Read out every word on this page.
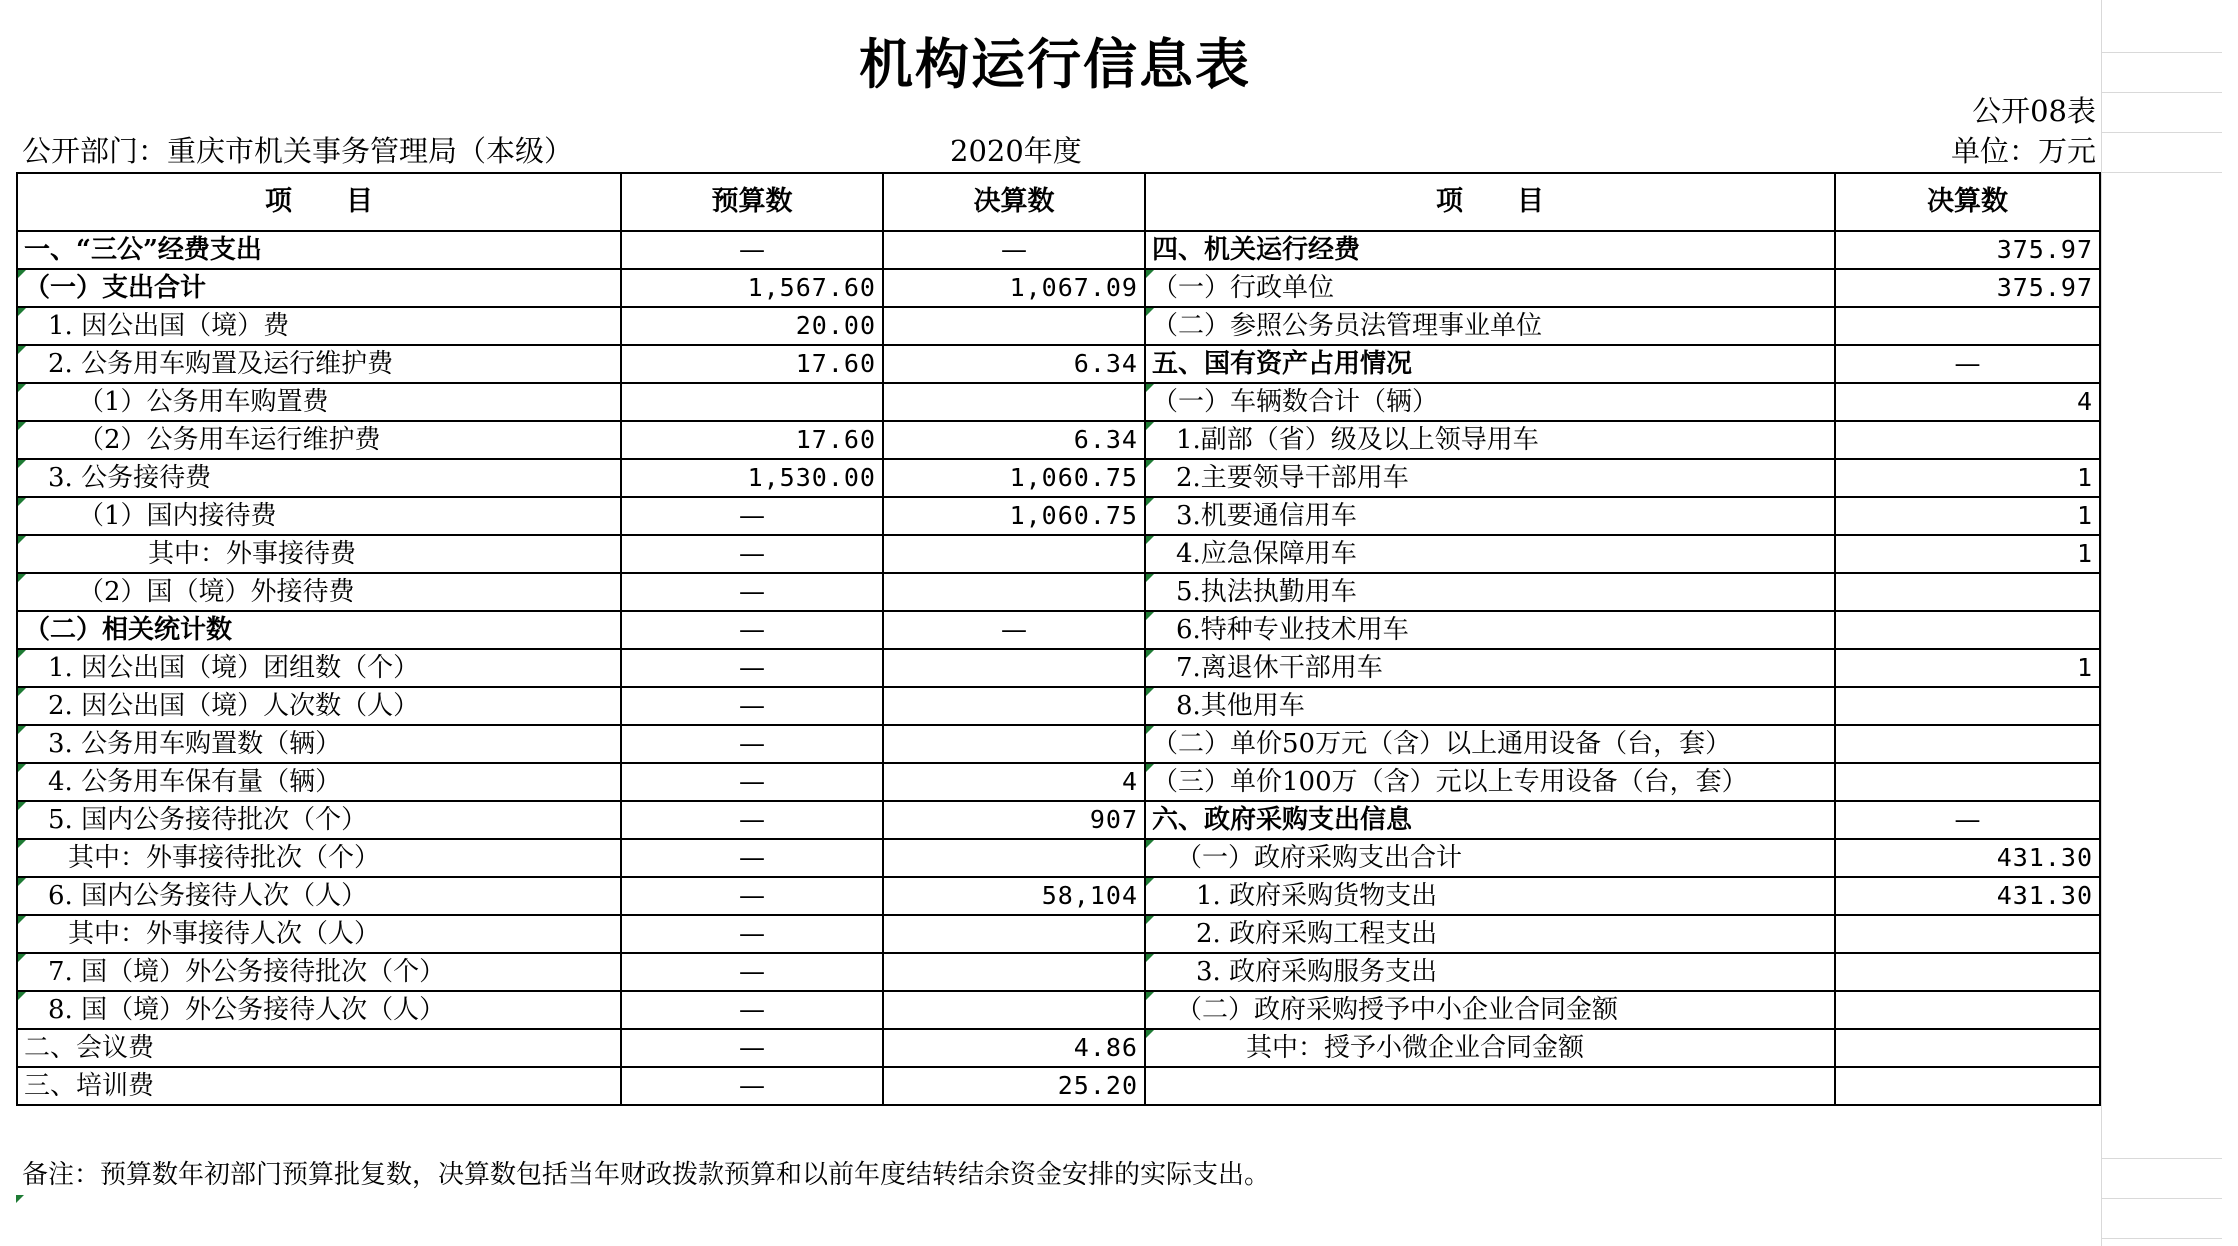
机构运行信息表
公开08表
公开部门：重庆市机关事务管理局（本级）	2020年度	单位：万元
项　　目	预算数	决算数	项　　目	决算数
一、“三公”经费支出	—	—	四、机关运行经费	375.97
（一）支出合计	1,567.60	1,067.09	（一）行政单位	375.97
1. 因公出国（境）费	20.00		（二）参照公务员法管理事业单位	
2. 公务用车购置及运行维护费	17.60	6.34	五、国有资产占用情况	—
（1）公务用车购置费			（一）车辆数合计（辆）	4
（2）公务用车运行维护费	17.60	6.34	1.副部（省）级及以上领导用车	
3. 公务接待费	1,530.00	1,060.75	2.主要领导干部用车	1
（1）国内接待费	—	1,060.75	3.机要通信用车	1
其中：外事接待费	—		4.应急保障用车	1
（2）国（境）外接待费	—		5.执法执勤用车	
（二）相关统计数	—	—	6.特种专业技术用车	
1. 因公出国（境）团组数（个）	—		7.离退休干部用车	1
2. 因公出国（境）人次数（人）	—		8.其他用车	
3. 公务用车购置数（辆）	—		（二）单价50万元（含）以上通用设备（台，套）	
4. 公务用车保有量（辆）	—	4	（三）单价100万（含）元以上专用设备（台，套）	
5. 国内公务接待批次（个）	—	907	六、政府采购支出信息	—
其中：外事接待批次（个）	—		（一）政府采购支出合计	431.30
6. 国内公务接待人次（人）	—	58,104	1. 政府采购货物支出	431.30
其中：外事接待人次（人）	—		2. 政府采购工程支出	
7. 国（境）外公务接待批次（个）	—		3. 政府采购服务支出	
8. 国（境）外公务接待人次（人）	—		（二）政府采购授予中小企业合同金额	
二、会议费	—	4.86	其中：授予小微企业合同金额	
三、培训费	—	25.20		
备注：预算数年初部门预算批复数，决算数包括当年财政拨款预算和以前年度结转结余资金安排的实际支出。
